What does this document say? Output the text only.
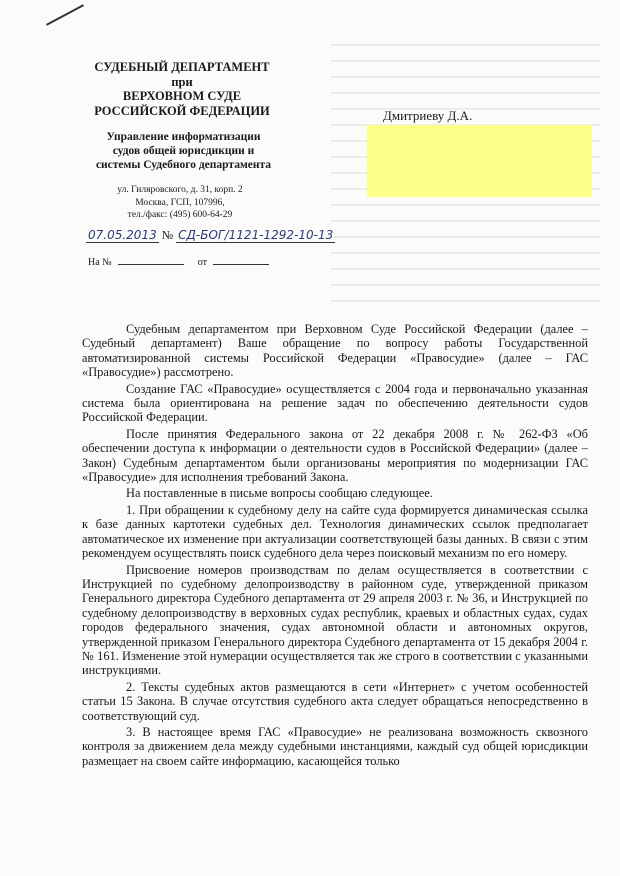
СУДЕБНЫЙ ДЕПАРТАМЕНТ
при
ВЕРХОВНОМ СУДЕ
РОССИЙСКОЙ ФЕДЕРАЦИИ
Управление информатизации
судов общей юрисдикции и
системы Судебного департамента
ул. Гиляровского, д. 31, корп. 2
Москва, ГСП, 107996,
тел./факс: (495) 600-64-29
07.05.2013 № СД-БОГ/1121-1292-10-13
На №	от
Дмитриеву Д.А.

Судебным департаментом при Верховном Суде Российской Федерации (далее – Судебный департамент) Ваше обращение по вопросу работы Государственной автоматизированной системы Российской Федерации «Правосудие» (далее – ГАС «Правосудие») рассмотрено.

Создание ГАС «Правосудие» осуществляется с 2004 года и первоначально указанная система была ориентирована на решение задач по обеспечению деятельности судов Российской Федерации.

После принятия Федерального закона от 22 декабря 2008 г. № 262-ФЗ «Об обеспечении доступа к информации о деятельности судов в Российской Федерации» (далее – Закон) Судебным департаментом были организованы мероприятия по модернизации ГАС «Правосудие» для исполнения требований Закона.

На поставленные в письме вопросы сообщаю следующее.

1. При обращении к судебному делу на сайте суда формируется динамическая ссылка к базе данных картотеки судебных дел. Технология динамических ссылок предполагает автоматическое их изменение при актуализации соответствующей базы данных. В связи с этим рекомендуем осуществлять поиск судебного дела через поисковый механизм по его номеру.

Присвоение номеров производствам по делам осуществляется в соответствии с Инструкцией по судебному делопроизводству в районном суде, утвержденной приказом Генерального директора Судебного департамента от 29 апреля 2003 г. № 36, и Инструкцией по судебному делопроизводству в верховных судах республик, краевых и областных судах, судах городов федерального значения, судах автономной области и автономных округов, утвержденной приказом Генерального директора Судебного департамента от 15 декабря 2004 г. № 161. Изменение этой нумерации осуществляется так же строго в соответствии с указанными инструкциями.

2. Тексты судебных актов размещаются в сети «Интернет» с учетом особенностей статьи 15 Закона. В случае отсутствия судебного акта следует обращаться непосредственно в соответствующий суд.

3. В настоящее время ГАС «Правосудие» не реализована возможность сквозного контроля за движением дела между судебными инстанциями, каждый суд общей юрисдикции размещает на своем сайте информацию, касающейся только
